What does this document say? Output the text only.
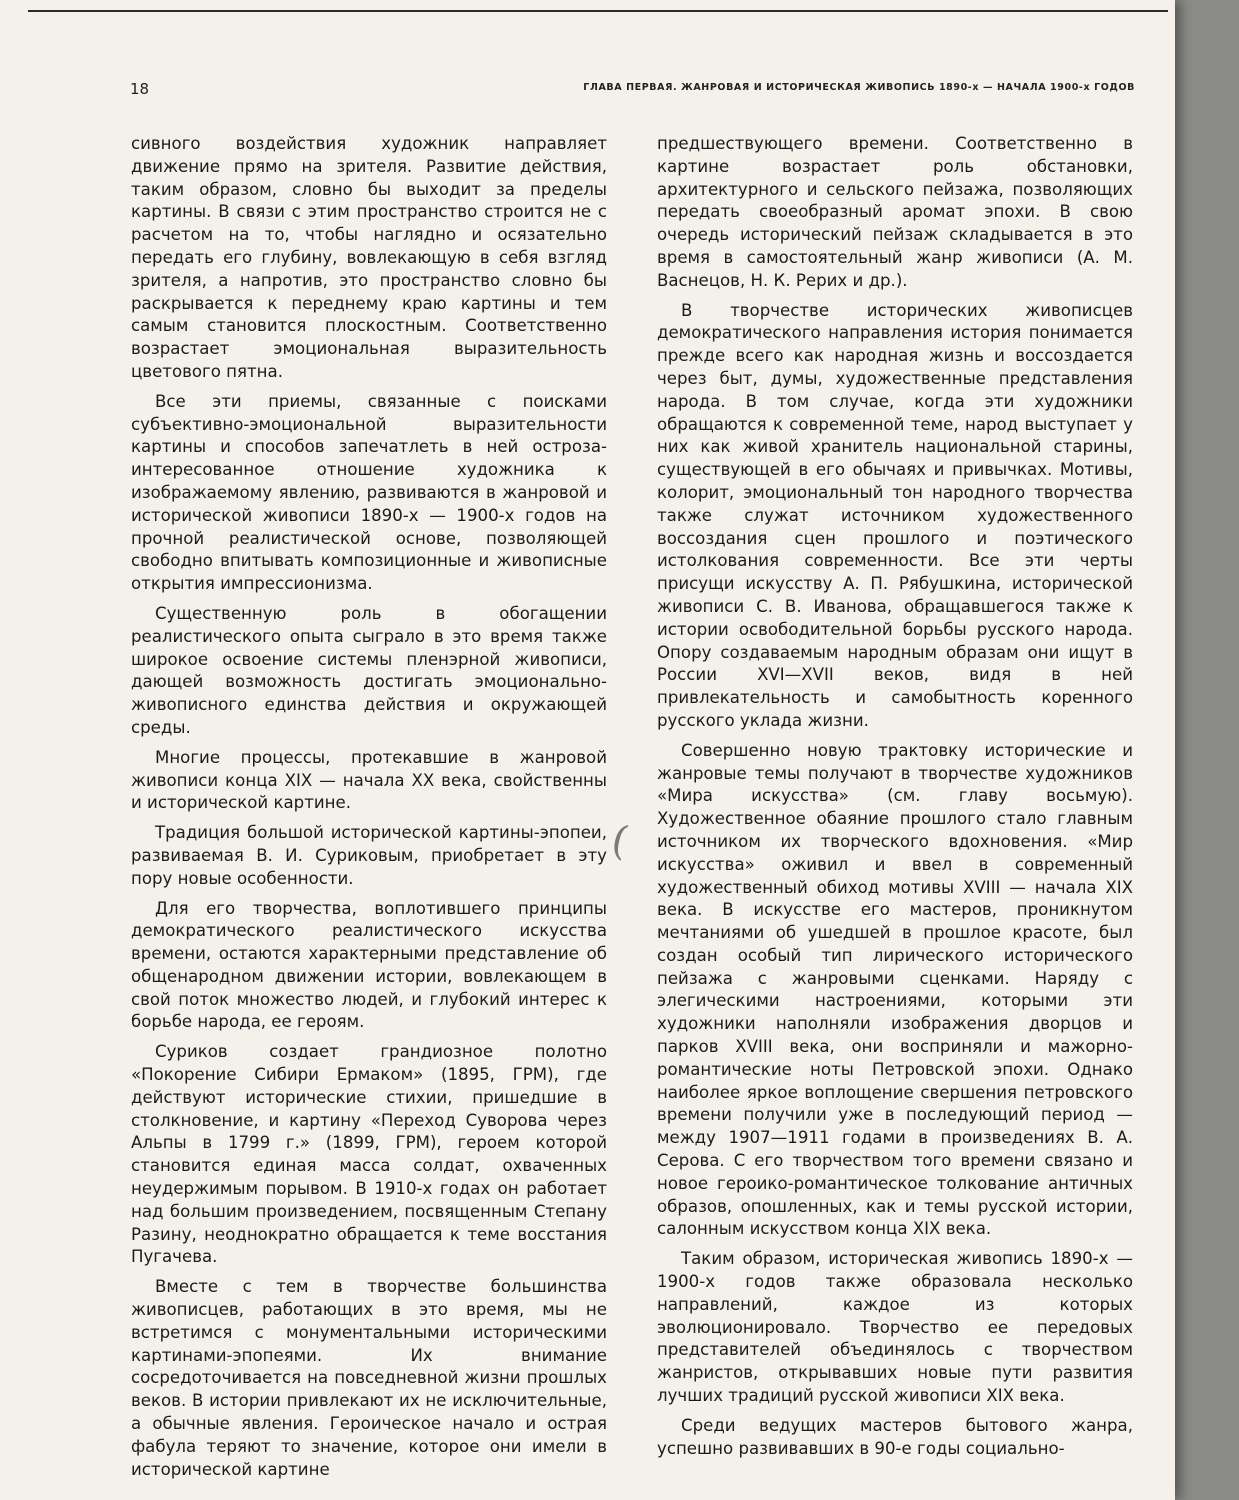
18	ГЛАВА ПЕРВАЯ. ЖАНРОВАЯ И ИСТОРИЧЕСКАЯ ЖИВОПИСЬ 1890-х — НАЧАЛА 1900-х ГОДОВ

сивного воздействия художник направляет движение прямо на зрителя. Развитие действия, таким образом, словно бы выходит за пределы картины. В связи с этим пространство строится не с расчетом на то, чтобы наглядно и осязательно передать его глубину, вовлекающую в себя взгляд зрителя, а напротив, это пространство словно бы раскрывается к переднему краю картины и тем самым становится плоскостным. Соответственно возрастает эмоциональная выразительность цветового пятна.

Все эти приемы, связанные с поисками субъективно-эмоциональной выразительности картины и способов запечатлеть в ней острозаинтересованное отношение художника к изображаемому явлению, развиваются в жанровой и исторической живописи 1890-х — 1900-х годов на прочной реалистической основе, позволяющей свободно впитывать композиционные и живописные открытия импрессионизма.

Существенную роль в обогащении реалистического опыта сыграло в это время также широкое освоение системы пленэрной живописи, дающей возможность достигать эмоционально-живописного единства действия и окружающей среды.

Многие процессы, протекавшие в жанровой живописи конца XIX — начала XX века, свойственны и исторической картине.

Традиция большой исторической картины-эпопеи, развиваемая В. И. Суриковым, приобретает в эту пору новые особенности.

Для его творчества, воплотившего принципы демократического реалистического искусства времени, остаются характерными представление об общенародном движении истории, вовлекающем в свой поток множество людей, и глубокий интерес к борьбе народа, ее героям.

Суриков создает грандиозное полотно «Покорение Сибири Ермаком» (1895, ГРМ), где действуют исторические стихии, пришедшие в столкновение, и картину «Переход Суворова через Альпы в 1799 г.» (1899, ГРМ), героем которой становится единая масса солдат, охваченных неудержимым порывом. В 1910-х годах он работает над большим произведением, посвященным Степану Разину, неоднократно обращается к теме восстания Пугачева.

Вместе с тем в творчестве большинства живописцев, работающих в это время, мы не встретимся с монументальными историческими картинами-эпопеями. Их внимание сосредоточивается на повседневной жизни прошлых веков. В истории привлекают их не исключительные, а обычные явления. Героическое начало и острая фабула теряют то значение, которое они имели в исторической картине

предшествующего времени. Соответственно в картине возрастает роль обстановки, архитектурного и сельского пейзажа, позволяющих передать своеобразный аромат эпохи. В свою очередь исторический пейзаж складывается в это время в самостоятельный жанр живописи (А. М. Васнецов, Н. К. Рерих и др.).

В творчестве исторических живописцев демократического направления история понимается прежде всего как народная жизнь и воссоздается через быт, думы, художественные представления народа. В том случае, когда эти художники обращаются к современной теме, народ выступает у них как живой хранитель национальной старины, существующей в его обычаях и привычках. Мотивы, колорит, эмоциональный тон народного творчества также служат источником художественного воссоздания сцен прошлого и поэтического истолкования современности. Все эти черты присущи искусству А. П. Рябушкина, исторической живописи С. В. Иванова, обращавшегося также к истории освободительной борьбы русского народа. Опору создаваемым народным образам они ищут в России XVI—XVII веков, видя в ней привлекательность и самобытность коренного русского уклада жизни.

Совершенно новую трактовку исторические и жанровые темы получают в творчестве художников «Мира искусства» (см. главу восьмую). Художественное обаяние прошлого стало главным источником их творческого вдохновения. «Мир искусства» оживил и ввел в современный художественный обиход мотивы XVIII — начала XIX века. В искусстве его мастеров, проникнутом мечтаниями об ушедшей в прошлое красоте, был создан особый тип лирического исторического пейзажа с жанровыми сценками. Наряду с элегическими настроениями, которыми эти художники наполняли изображения дворцов и парков XVIII века, они восприняли и мажорно-романтические ноты Петровской эпохи. Однако наиболее яркое воплощение свершения петровского времени получили уже в последующий период — между 1907—1911 годами в произведениях В. А. Серова. С его творчеством того времени связано и новое героико-романтическое толкование античных образов, опошленных, как и темы русской истории, салонным искусством конца XIX века.

Таким образом, историческая живопись 1890-х — 1900-х годов также образовала несколько направлений, каждое из которых эволюционировало. Творчество ее передовых представителей объединялось с творчеством жанристов, открывавших новые пути развития лучших традиций русской живописи XIX века.

Среди ведущих мастеров бытового жанра, успешно развивавших в 90-е годы социально-

(
